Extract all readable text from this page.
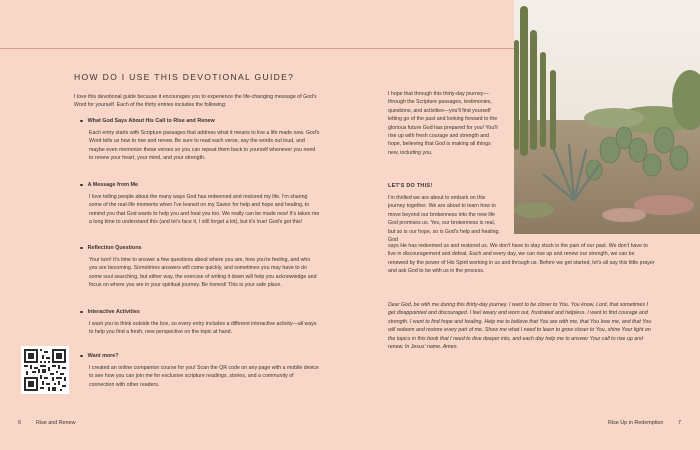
HOW DO I USE THIS DEVOTIONAL GUIDE?

I love this devotional guide because it encourages you to experience the life-changing message of God's Word for yourself. Each of the thirty entries includes the following:

What God Says About His Call to Rise and Renew

Each entry starts with Scripture passages that address what it means to live a life made new. God's Word tells us how to rise and renew. Be sure to read each verse, say the words out loud, and maybe even memorize these verses so you can repeat them back to yourself whenever you need to renew your heart, your mind, and your strength.

A Message from Me

I love telling people about the many ways God has redeemed and restored my life. I'm sharing some of the real-life moments when I've leaned on my Savior for help and hope and healing, to remind you that God wants to help you and heal you too. We really can be made new! It's taken me a long time to understand this (and let's face it, I still forget a lot), but it's true! God's got this!

Reflection Questions

Your turn! It's time to answer a few questions about where you are, how you're feeling, and who you are becoming. Sometimes answers will come quickly, and sometimes you may have to do some soul searching, but either way, the exercise of writing it down will help you acknowledge and focus on where you are in your spiritual journey. Be honest! This is your safe place.

Interactive Activities

I want you to think outside the box, so every entry includes a different interactive activity—all ways to help you find a fresh, new perspective on the topic at hand.

Want more?

I created an online companion course for you! Scan the QR code on any page with a mobile device to see how you can join me for exclusive scripture readings, stories, and a community of connection with other readers.

6	Rise and Renew

I hope that through this thirty-day journey—through the Scripture passages, testimonies, questions, and activities—you'll find yourself letting go of the past and looking forward to the glorious future God has prepared for you! You'll rise up with fresh courage and strength and hope, believing that God is making all things new, including you.

LET'S DO THIS!

I'm thrilled we are about to embark on this journey together. We are about to learn how to move beyond our brokenness into the new life God promises us. Yes, our brokenness is real, but so is our hope, so is God's help and healing. God

says He has redeemed us and restored us. We don't have to stay stuck in the pain of our past. We don't have to live in discouragement and defeat. Each and every day, we can rise up and renew our strength, we can be renewed by the power of His Spirit working in us and through us. Before we get started, let's all say this little prayer and ask God to be with us in the process.

Dear God, be with me during this thirty-day journey. I want to be closer to You. You know, Lord, that sometimes I get disappointed and discouraged. I feel weary and worn out, frustrated and helpless. I want to find courage and strength. I want to find hope and healing. Help me to believe that You are with me, that You love me, and that You will redeem and restore every part of me. Show me what I need to learn to grow closer to You, shine Your light on the topics in this book that I need to dive deeper into, and each day help me to answer Your call to rise up and renew. In Jesus' name. Amen.

Rise Up in Redemption	7
